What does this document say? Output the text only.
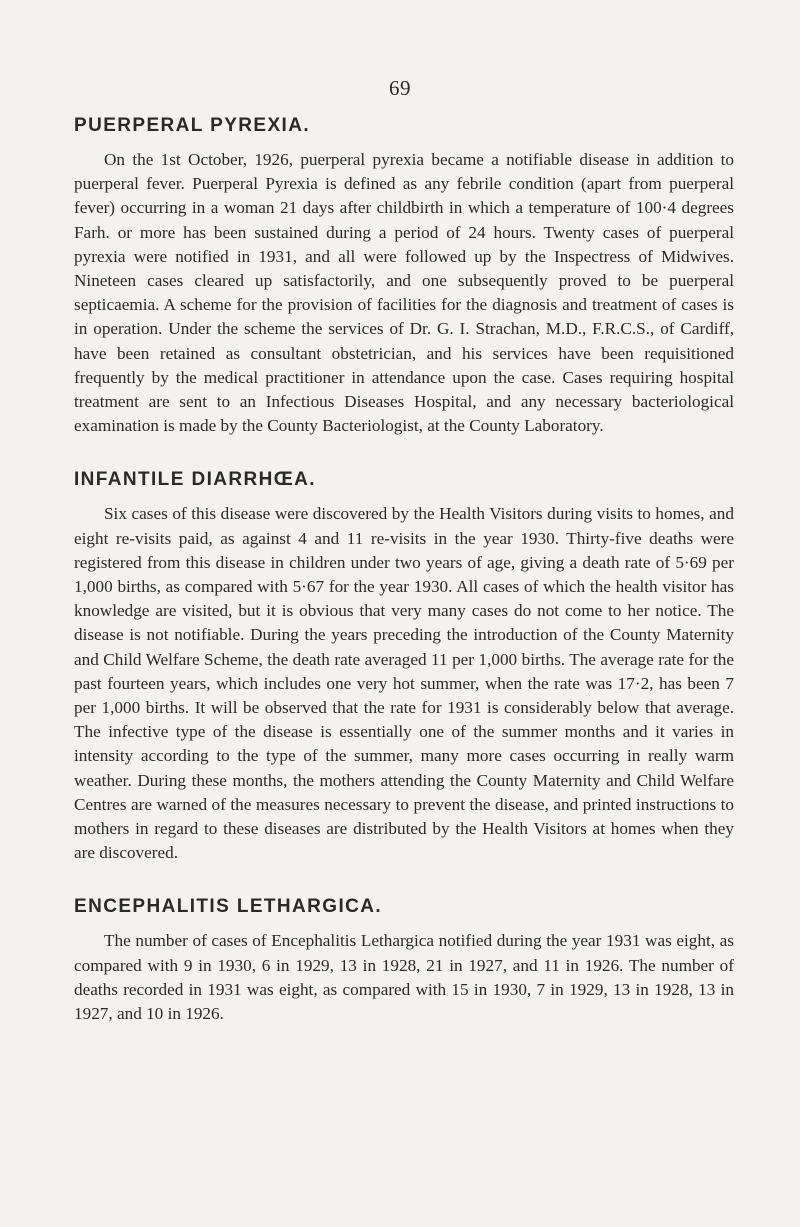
69
PUERPERAL PYREXIA.

On the 1st October, 1926, puerperal pyrexia became a notifiable disease in addition to puerperal fever. Puerperal Pyrexia is defined as any febrile condition (apart from puerperal fever) occurring in a woman 21 days after childbirth in which a temperature of 100·4 degrees Farh. or more has been sustained during a period of 24 hours. Twenty cases of puerperal pyrexia were notified in 1931, and all were followed up by the Inspectress of Midwives. Nineteen cases cleared up satisfactorily, and one subsequently proved to be puerperal septicaemia. A scheme for the provision of facilities for the diagnosis and treatment of cases is in operation. Under the scheme the services of Dr. G. I. Strachan, M.D., F.R.C.S., of Cardiff, have been retained as consultant obstetrician, and his services have been requisitioned frequently by the medical practitioner in attendance upon the case. Cases requiring hospital treatment are sent to an Infectious Diseases Hospital, and any necessary bacteriological examination is made by the County Bacteriologist, at the County Laboratory.

INFANTILE DIARRHŒA.

Six cases of this disease were discovered by the Health Visitors during visits to homes, and eight re-visits paid, as against 4 and 11 re-visits in the year 1930. Thirty-five deaths were registered from this disease in children under two years of age, giving a death rate of 5·69 per 1,000 births, as compared with 5·67 for the year 1930. All cases of which the health visitor has knowledge are visited, but it is obvious that very many cases do not come to her notice. The disease is not notifiable. During the years preceding the introduction of the County Maternity and Child Welfare Scheme, the death rate averaged 11 per 1,000 births. The average rate for the past fourteen years, which includes one very hot summer, when the rate was 17·2, has been 7 per 1,000 births. It will be observed that the rate for 1931 is considerably below that average. The infective type of the disease is essentially one of the summer months and it varies in intensity according to the type of the summer, many more cases occurring in really warm weather. During these months, the mothers attending the County Maternity and Child Welfare Centres are warned of the measures necessary to prevent the disease, and printed instructions to mothers in regard to these diseases are distributed by the Health Visitors at homes when they are discovered.

ENCEPHALITIS LETHARGICA.

The number of cases of Encephalitis Lethargica notified during the year 1931 was eight, as compared with 9 in 1930, 6 in 1929, 13 in 1928, 21 in 1927, and 11 in 1926. The number of deaths recorded in 1931 was eight, as compared with 15 in 1930, 7 in 1929, 13 in 1928, 13 in 1927, and 10 in 1926.
